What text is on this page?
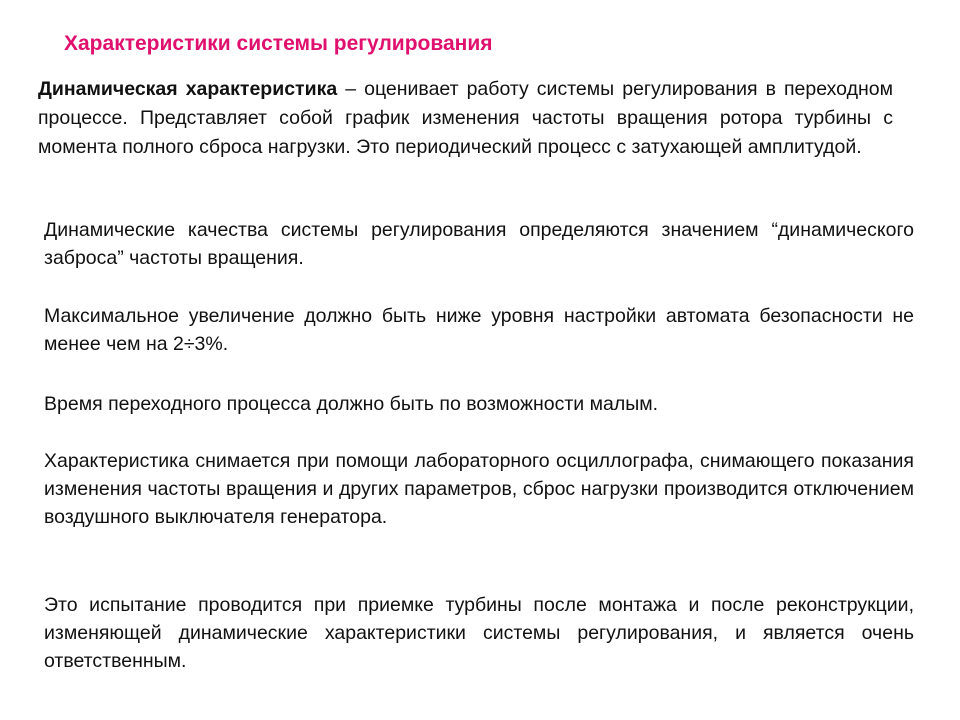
Характеристики системы регулирования
Динамическая характеристика – оценивает работу системы регулирования в переходном процессе. Представляет собой график изменения частоты вращения ротора турбины с момента полного сброса нагрузки. Это периодический процесс с затухающей амплитудой.

Динамические качества системы регулирования определяются значением “динамического заброса” частоты вращения.

Максимальное увеличение должно быть ниже уровня настройки автомата безопасности не менее чем на 2÷3%.

Время переходного процесса должно быть по возможности малым.

Характеристика снимается при помощи лабораторного осциллографа, снимающего показания изменения частоты вращения и других параметров, сброс нагрузки производится отключением воздушного выключателя генератора.

Это испытание проводится при приемке турбины после монтажа и после реконструкции, изменяющей динамические характеристики системы регулирования, и является очень ответственным.
